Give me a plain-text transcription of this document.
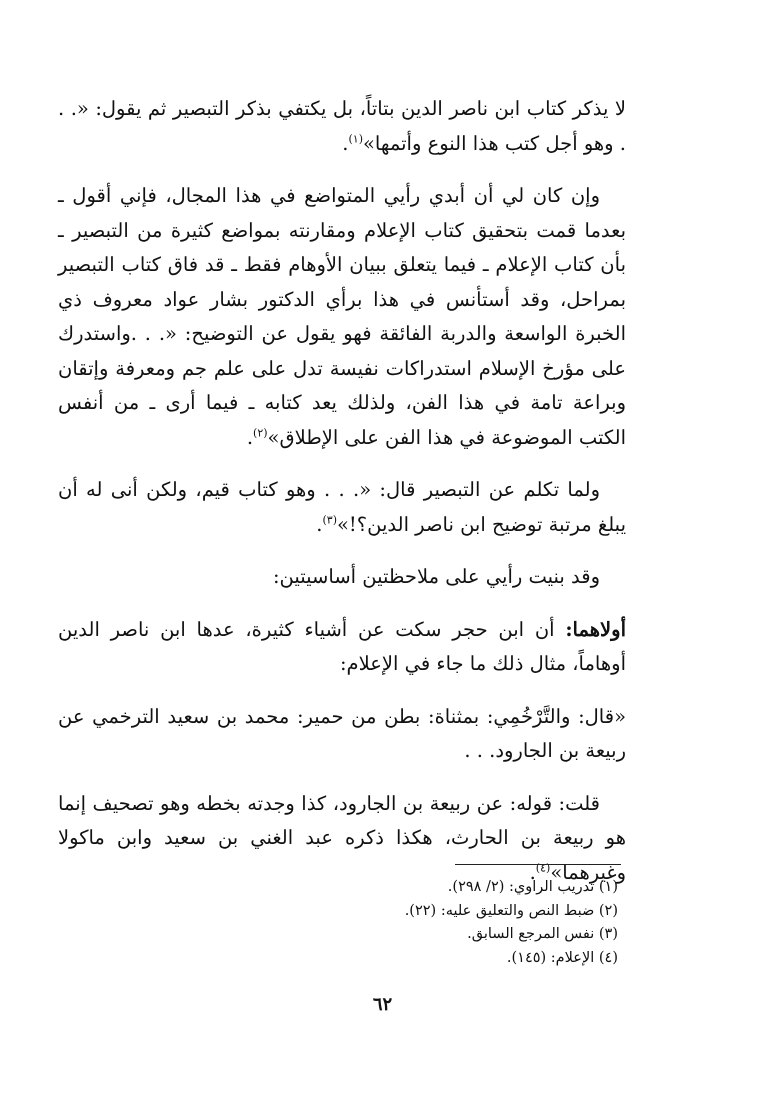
لا يذكر كتاب ابن ناصر الدين بتاتاً، بل يكتفي بذكر التبصير ثم يقول: «. . . وهو أجل كتب هذا النوع وأتمها»$^{(١)}$.

وإن كان لي أن أبدي رأيي المتواضع في هذا المجال، فإني أقول ـ بعدما قمت بتحقيق كتاب الإعلام ومقارنته بمواضع كثيرة من التبصير ـ بأن كتاب الإعلام ـ فيما يتعلق ببيان الأوهام فقط ـ قد فاق كتاب التبصير بمراحل، وقد أستأنس في هذا برأي الدكتور بشار عواد معروف ذي الخبرة الواسعة والدربة الفائقة فهو يقول عن التوضيح: «. . .واستدرك على مؤرخ الإسلام استدراكات نفيسة تدل على علم جم ومعرفة وإتقان وبراعة تامة في هذا الفن، ولذلك يعد كتابه ـ فيما أرى ـ من أنفس الكتب الموضوعة في هذا الفن على الإطلاق»$^{(٢)}$.

ولما تكلم عن التبصير قال: «. . . وهو كتاب قيم، ولكن أنى له أن يبلغ مرتبة توضيح ابن ناصر الدين؟!»$^{(٣)}$.

وقد بنيت رأيي على ملاحظتين أساسيتين:

أولاهما: أن ابن حجر سكت عن أشياء كثيرة، عدها ابن ناصر الدين أوهاماً، مثال ذلك ما جاء في الإعلام:

«قال: والتَّرْخُمِي: بمثناة: بطن من حمير: محمد بن سعيد الترخمي عن ربيعة بن الجارود. . .

قلت: قوله: عن ربيعة بن الجارود، كذا وجدته بخطه وهو تصحيف إنما هو ربيعة بن الحارث، هكذا ذكره عبد الغني بن سعيد وابن ماكولا وغيرهما»$^{(٤)}$.

(١) تدريب الراوي: (٢/ ٢٩٨).
(٢) ضبط النص والتعليق عليه: (٢٢).
(٣) نفس المرجع السابق.
(٤) الإعلام: (١٤٥).
٦٢
